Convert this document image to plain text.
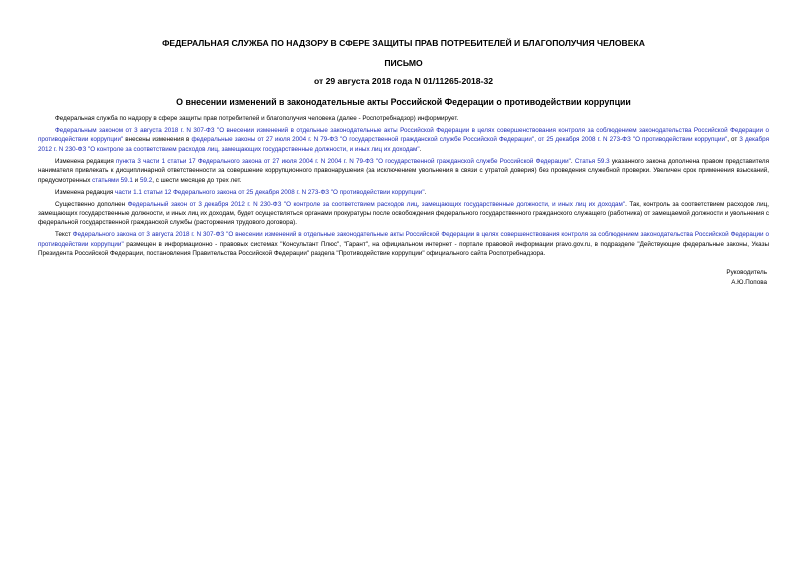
ФЕДЕРАЛЬНАЯ СЛУЖБА ПО НАДЗОРУ В СФЕРЕ ЗАЩИТЫ ПРАВ ПОТРЕБИТЕЛЕЙ И БЛАГОПОЛУЧИЯ ЧЕЛОВЕКА
ПИСЬМО
от 29 августа 2018 года N 01/11265-2018-32
О внесении изменений в законодательные акты Российской Федерации о противодействии коррупции

Федеральная служба по надзору в сфере защиты прав потребителей и благополучия человека (далее - Роспотребнадзор) информирует.

Федеральным законом от 3 августа 2018 г. N 307-ФЗ "О внесении изменений в отдельные законодательные акты Российской Федерации в целях совершенствования контроля за соблюдением законодательства Российской Федерации о противодействии коррупции" внесены изменения в федеральные законы от 27 июля 2004 г. N 79-ФЗ "О государственной гражданской службе Российской Федерации", от 25 декабря 2008 г. N 273-ФЗ "О противодействии коррупции", от 3 декабря 2012 г. N 230-ФЗ "О контроле за соответствием расходов лиц, замещающих государственные должности, и иных лиц их доходам".

Изменена редакция пункта 3 части 1 статьи 17 Федерального закона от 27 июля 2004 г. N 2004 г. N 79-ФЗ "О государственной гражданской службе Российской Федерации". Статья 59.3 указанного закона дополнена правом представителя нанимателя привлекать к дисциплинарной ответственности за совершение коррупционного правонарушения (за исключением увольнения в связи с утратой доверия) без проведения служебной проверки. Увеличен срок применения взысканий, предусмотренных статьями 59.1 и 59.2, с шести месяцев до трех лет.

Изменена редакция части 1.1 статьи 12 Федерального закона от 25 декабря 2008 г. N 273-ФЗ "О противодействии коррупции".

Существенно дополнен Федеральный закон от 3 декабря 2012 г. N 230-ФЗ "О контроле за соответствием расходов лиц, замещающих государственные должности, и иных лиц их доходам". Так, контроль за соответствием расходов лиц, замещающих государственные должности, и иных лиц их доходам, будет осуществляться органами прокуратуры после освобождения федерального государственного гражданского служащего (работника) от замещаемой должности и увольнения с федеральной государственной гражданской службы (расторжения трудового договора).

Текст Федерального закона от 3 августа 2018 г. N 307-ФЗ "О внесении изменений в отдельные законодательные акты Российской Федерации в целях совершенствования контроля за соблюдением законодательства Российской Федерации о противодействии коррупции" размещен в информационно - правовых системах "Консультант Плюс", "Гарант", на официальном интернет - портале правовой информации pravo.gov.ru, в подразделе "Действующие федеральные законы, Указы Президента Российской Федерации, постановления Правительства Российской Федерации" раздела "Противодействие коррупции" официального сайта Роспотребнадзора.

Руководитель
А.Ю.Попова
